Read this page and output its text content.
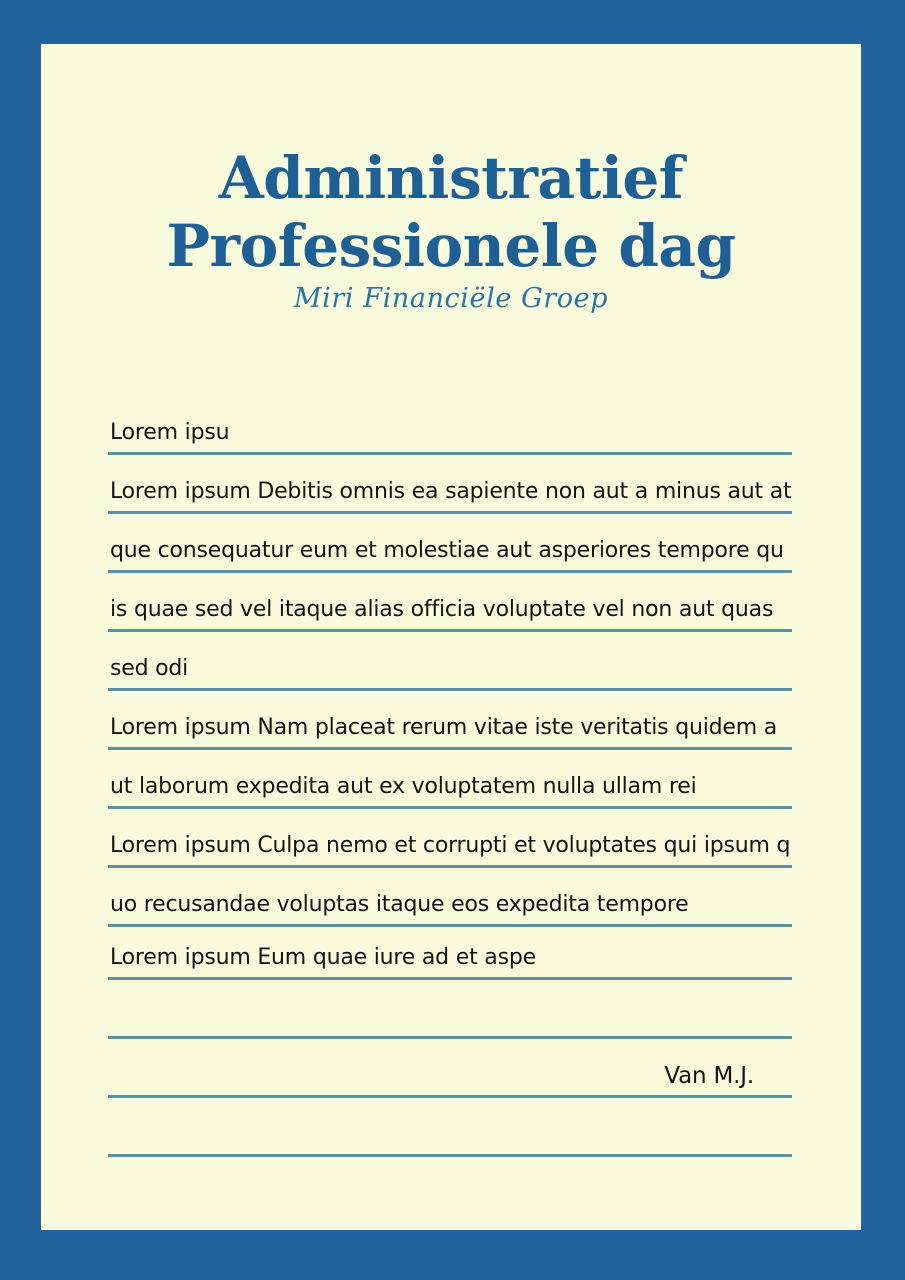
Administratief
Professionele dag
Miri Financiële Groep
Lorem ipsu
Lorem ipsum Debitis omnis ea sapiente non aut a minus aut at
que consequatur eum et molestiae aut asperiores tempore qu
is quae sed vel itaque alias officia voluptate vel non aut quas
sed odi
Lorem ipsum Nam placeat rerum vitae iste veritatis quidem a
ut laborum expedita aut ex voluptatem nulla ullam rei
Lorem ipsum Culpa nemo et corrupti et voluptates qui ipsum q
uo recusandae voluptas itaque eos expedita tempore
Lorem ipsum Eum quae iure ad et aspe
Van M.J.
